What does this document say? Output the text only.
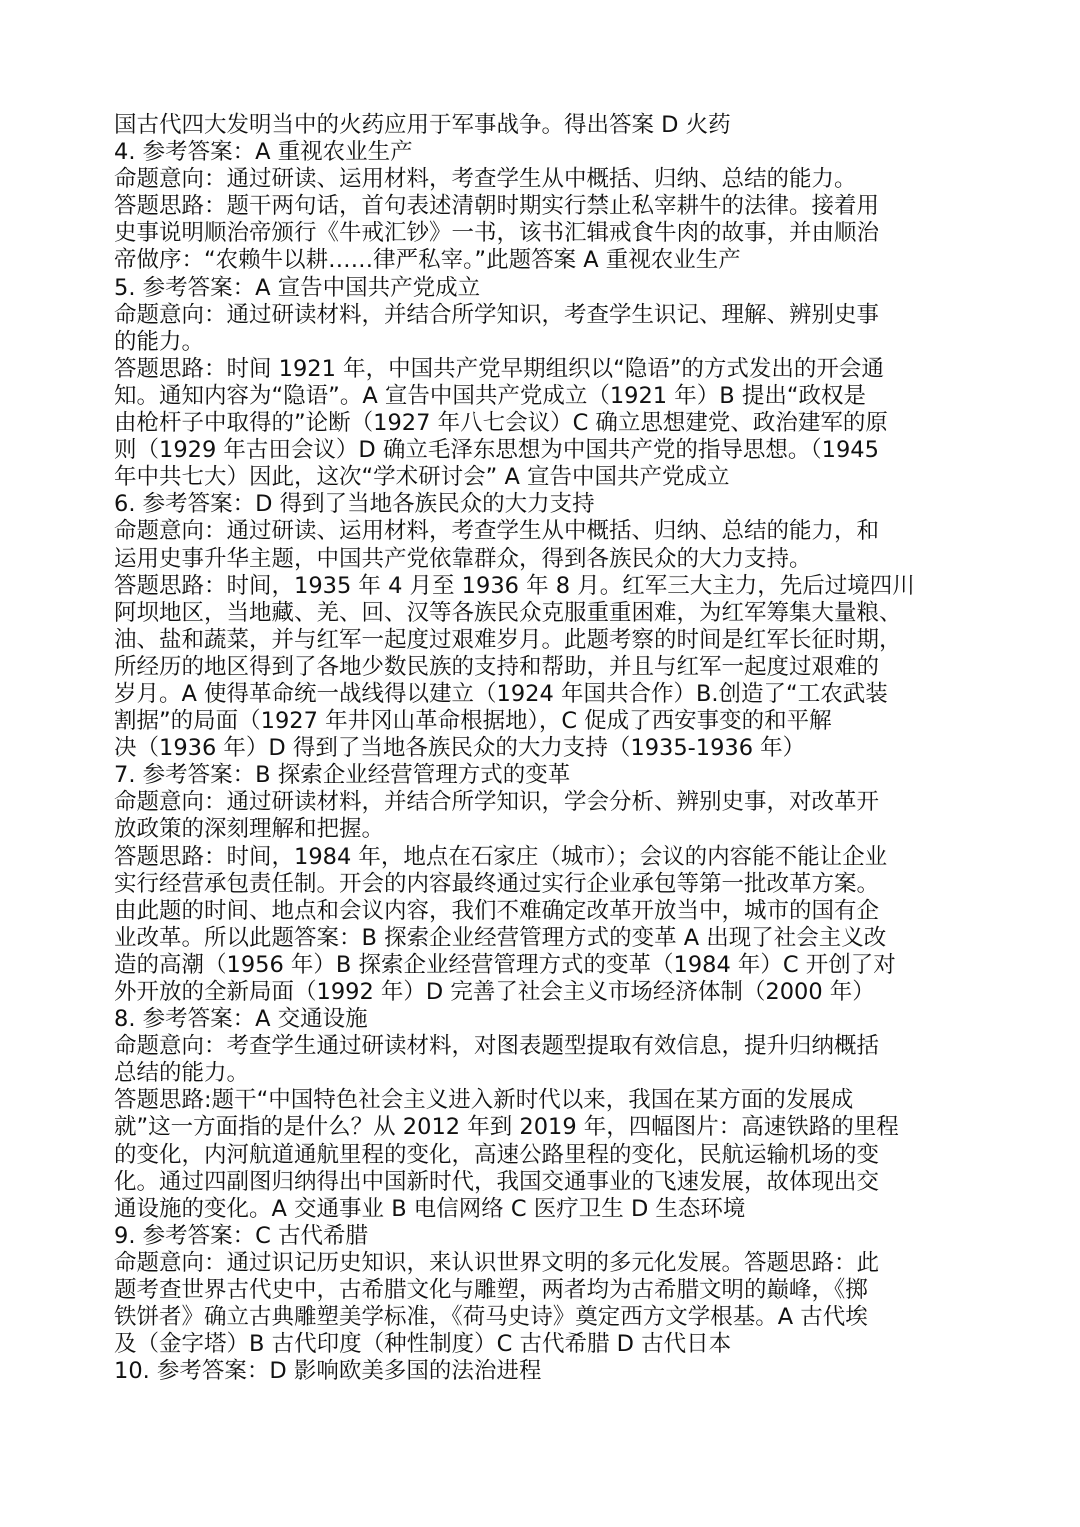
国古代四大发明当中的火药应用于军事战争。得出答案 D 火药
4. 参考答案：A 重视农业生产
命题意向：通过研读、运用材料，考查学生从中概括、归纳、总结的能力。
答题思路：题干两句话，首句表述清朝时期实行禁止私宰耕牛的法律。接着用
史事说明顺治帝颁行《牛戒汇钞》一书，该书汇辑戒食牛肉的故事，并由顺治
帝做序：“农赖牛以耕……律严私宰。”此题答案 A 重视农业生产
5. 参考答案：A 宣告中国共产党成立
命题意向：通过研读材料，并结合所学知识，考查学生识记、理解、辨别史事
的能力。
答题思路：时间 1921 年，中国共产党早期组织以“隐语”的方式发出的开会通
知。通知内容为“隐语”。A 宣告中国共产党成立（1921 年）B 提出“政权是
由枪杆子中取得的”论断（1927 年八七会议）C 确立思想建党、政治建军的原
则（1929 年古田会议）D 确立毛泽东思想为中国共产党的指导思想。（1945
年中共七大）因此，这次“学术研讨会” A 宣告中国共产党成立
6. 参考答案：D 得到了当地各族民众的大力支持
命题意向：通过研读、运用材料，考查学生从中概括、归纳、总结的能力，和
运用史事升华主题，中国共产党依靠群众，得到各族民众的大力支持。
答题思路：时间，1935 年 4 月至 1936 年 8 月。红军三大主力，先后过境四川
阿坝地区，当地藏、羌、回、汉等各族民众克服重重困难，为红军筹集大量粮、
油、盐和蔬菜，并与红军一起度过艰难岁月。此题考察的时间是红军长征时期，
所经历的地区得到了各地少数民族的支持和帮助，并且与红军一起度过艰难的
岁月。A 使得革命统一战线得以建立（1924 年国共合作）B.创造了“工农武装
割据”的局面（1927 年井冈山革命根据地），C 促成了西安事变的和平解
决（1936 年）D 得到了当地各族民众的大力支持（1935-1936 年）
7. 参考答案：B 探索企业经营管理方式的变革
命题意向：通过研读材料，并结合所学知识，学会分析、辨别史事，对改革开
放政策的深刻理解和把握。
答题思路：时间，1984 年，地点在石家庄（城市）；会议的内容能不能让企业
实行经营承包责任制。开会的内容最终通过实行企业承包等第一批改革方案。
由此题的时间、地点和会议内容，我们不难确定改革开放当中，城市的国有企
业改革。所以此题答案：B 探索企业经营管理方式的变革 A 出现了社会主义改
造的高潮（1956 年）B 探索企业经营管理方式的变革（1984 年）C 开创了对
外开放的全新局面（1992 年）D 完善了社会主义市场经济体制（2000 年）
8. 参考答案：A 交通设施
命题意向：考查学生通过研读材料，对图表题型提取有效信息，提升归纳概括
总结的能力。
答题思路:题干“中国特色社会主义进入新时代以来，我国在某方面的发展成
就”这一方面指的是什么？从 2012 年到 2019 年，四幅图片：高速铁路的里程
的变化，内河航道通航里程的变化，高速公路里程的变化，民航运输机场的变
化。通过四副图归纳得出中国新时代，我国交通事业的飞速发展，故体现出交
通设施的变化。A 交通事业 B 电信网络 C 医疗卫生 D 生态环境
9. 参考答案：C 古代希腊
命题意向：通过识记历史知识，来认识世界文明的多元化发展。答题思路：此
题考查世界古代史中，古希腊文化与雕塑，两者均为古希腊文明的巅峰，《掷
铁饼者》确立古典雕塑美学标准，《荷马史诗》奠定西方文学根基。A 古代埃
及（金字塔）B 古代印度（种性制度）C 古代希腊 D 古代日本
10. 参考答案：D 影响欧美多国的法治进程
